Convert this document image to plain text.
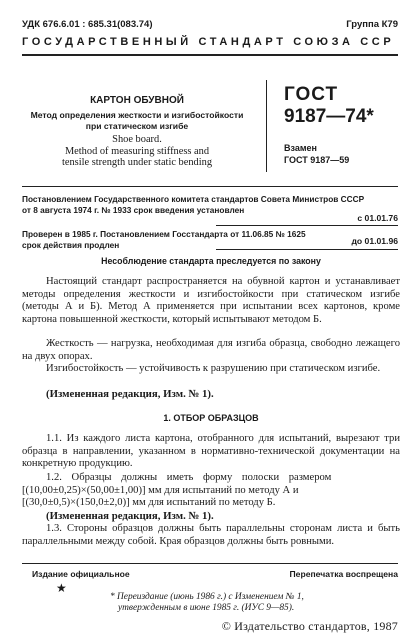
УДК 676.6.01 : 685.31(083.74)	Группа К79
ГОСУДАРСТВЕННЫЙ СТАНДАРТ СОЮЗА ССР
КАРТОН ОБУВНОЙ
Метод определения жесткости и изгибостойкости
при статическом изгибе
Shoe board.
Method of measuring stiffness and
tensile strength under static bending
ГОСТ
9187—74*
Взамен
ГОСТ 9187—59
Постановлением Государственного комитета стандартов Совета Министров СССР
от 8 августа 1974 г. № 1933 срок введения установлен
с 01.01.76
Проверен в 1985 г. Постановлением Госстандарта от 11.06.85 № 1625
срок действия продлен	до 01.01.96
Несоблюдение стандарта преследуется по закону
Настоящий стандарт распространяется на обувной картон и устанавливает методы определения жесткости и изгибостойкости при статическом изгибе (методы А и Б). Метод А применяется при испытании всех картонов, кроме картона повышенной жесткости, который испытывают методом Б.
Жесткость — нагрузка, необходимая для изгиба образца, свободно лежащего на двух опорах.
Изгибостойкость — устойчивость к разрушению при статическом изгибе.
(Измененная редакция, Изм. № 1).
1. ОТБОР ОБРАЗЦОВ
1.1. Из каждого листа картона, отобранного для испытаний, вырезают три образца в направлении, указанном в нормативно-технической документации на конкретную продукцию.
1.2. Образцы должны иметь форму полоски размером
[(10,00±0,25)×(50,00±1,00)] мм для испытаний по методу А и
[(30,0±0,5)×(150,0±2,0)] мм для испытаний по методу Б.
(Измененная редакция, Изм. № 1).
1.3. Стороны образцов должны быть параллельны сторонам листа и быть параллельными между собой. Края образцов должны быть ровными.
Издание официальное	Перепечатка воспрещена
★
* Переиздание (июнь 1986 г.) с Изменением № 1,
утвержденным в июне 1985 г. (ИУС 9—85).
© Издательство стандартов, 1987
